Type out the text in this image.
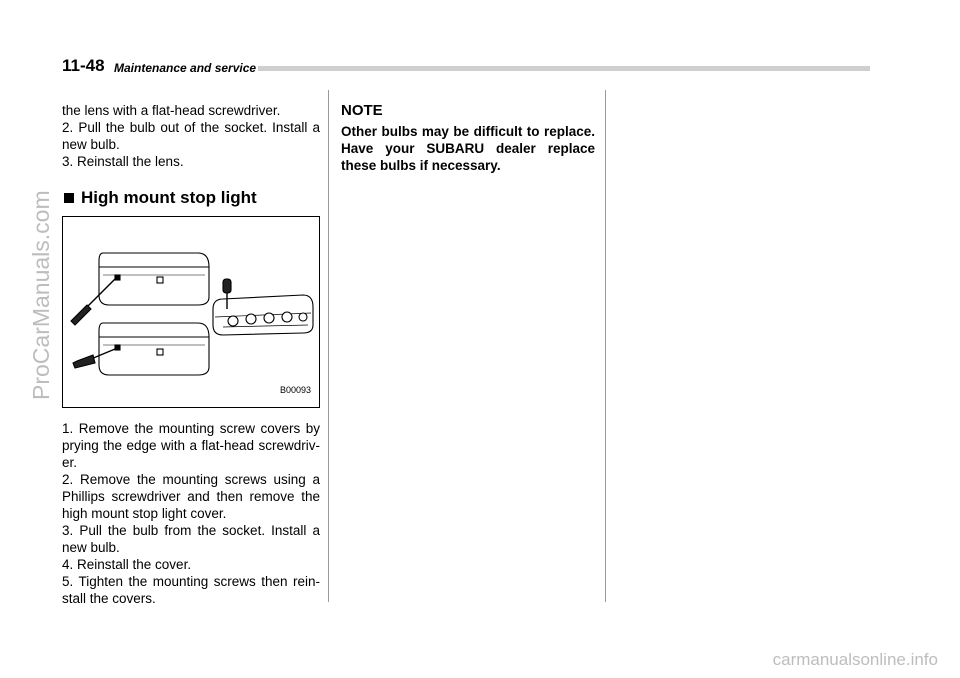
11-48 Maintenance and service

the lens with a flat-head screwdriver.

2. Pull the bulb out of the socket. Install a new bulb.

3. Reinstall the lens.

High mount stop light
B00093

1. Remove the mounting screw covers by prying the edge with a flat-head screwdriv-er.

2. Remove the mounting screws using a Phillips screwdriver and then remove the high mount stop light cover.

3. Pull the bulb from the socket. Install a new bulb.

4. Reinstall the cover.

5. Tighten the mounting screws then rein-stall the covers.

NOTE

Other bulbs may be difficult to replace. Have your SUBARU dealer replace these bulbs if necessary.

ProCarManuals.com
carmanualsonline.info
